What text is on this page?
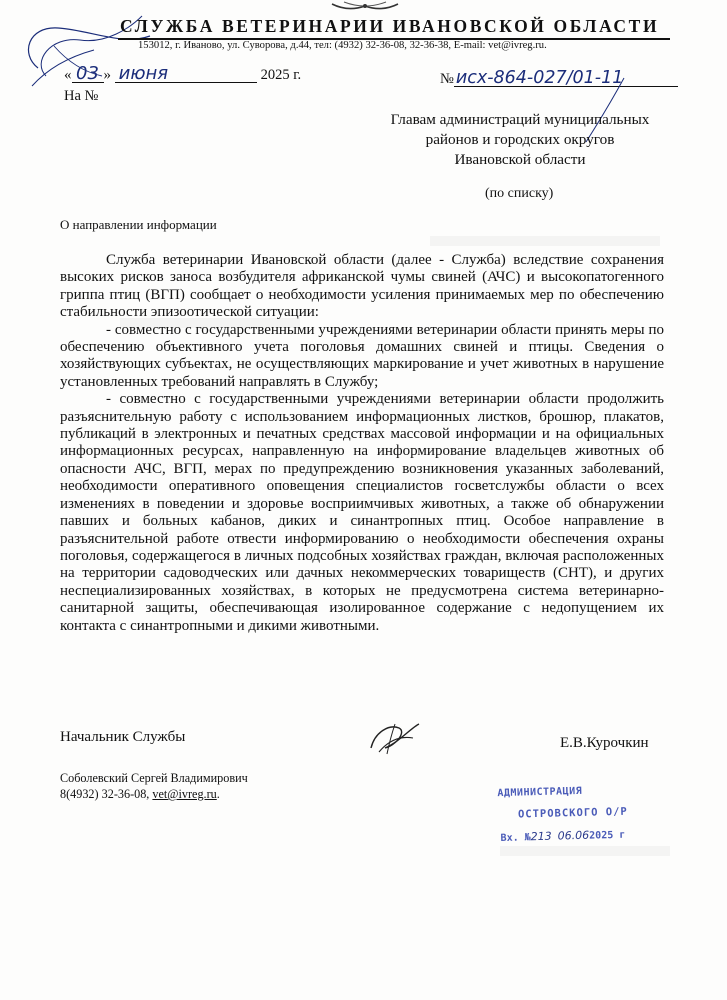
СЛУЖБА ВЕТЕРИНАРИИ ИВАНОВСКОЙ ОБЛАСТИ
153012, г. Иваново, ул. Суворова, д.44, тел: (4932) 32-36-08, 32-36-38, E-mail: vet@ivreg.ru.
« 03 » июня	2025 г.
На №
№ исх-864-027/01-11
Главам администраций муниципальных
районов и городских округов
Ивановской области
(по списку)
О направлении информации

Служба ветеринарии Ивановской области (далее - Служба) вследствие сохранения высоких рисков заноса возбудителя африканской чумы свиней (АЧС) и высокопатогенного гриппа птиц (ВГП) сообщает о необходимости усиления принимаемых мер по обеспечению стабильности эпизоотической ситуации:

- совместно с государственными учреждениями ветеринарии области принять меры по обеспечению объективного учета поголовья домашних свиней и птицы. Сведения о хозяйствующих субъектах, не осуществляющих маркирование и учет животных в нарушение установленных требований направлять в Службу;

- совместно с государственными учреждениями ветеринарии области продолжить разъяснительную работу с использованием информационных листков, брошюр, плакатов, публикаций в электронных и печатных средствах массовой информации и на официальных информационных ресурсах, направленную на информирование владельцев животных об опасности АЧС, ВГП, мерах по предупреждению возникновения указанных заболеваний, необходимости оперативного оповещения специалистов госветслужбы области о всех изменениях в поведении и здоровье восприимчивых животных, а также об обнаружении павших и больных кабанов, диких и синантропных птиц. Особое направление в разъяснительной работе отвести информированию о необходимости обеспечения охраны поголовья, содержащегося в личных подсобных хозяйствах граждан, включая расположенных на территории садоводческих или дачных некоммерческих товариществ (СНТ), и других неспециализированных хозяйствах, в которых не предусмотрена система ветеринарно-санитарной защиты, обеспечивающая изолированное содержание с недопущением их контакта с синантропными и дикими животными.

Начальник Службы	Е.В.Курочкин
Соболевский Сергей Владимирович
8(4932) 32-36-08, vet@ivreg.ru.	АДМИНИСТРАЦИЯ
ОСТРОВСКОГО О/Р
Вх. №213 06.062025 г
